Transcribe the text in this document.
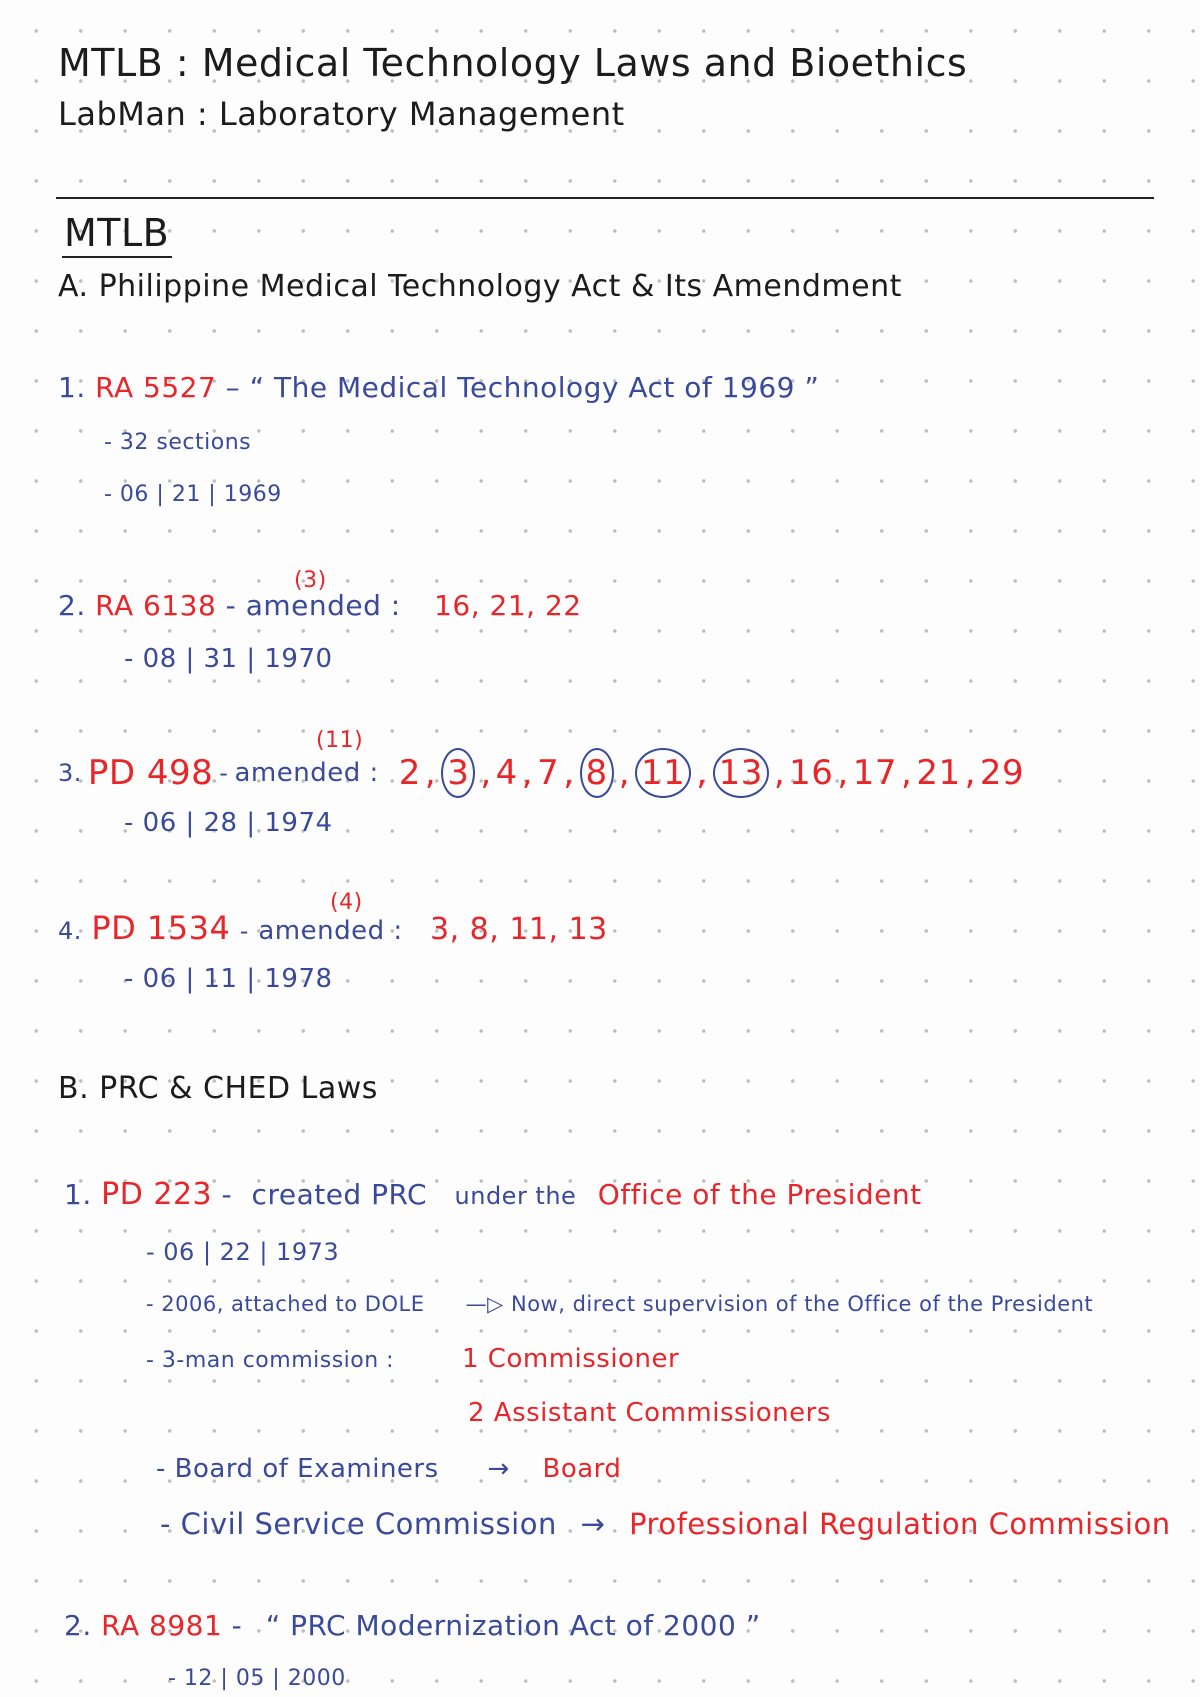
MTLB : Medical Technology Laws and Bioethics
LabMan : Laboratory Management
MTLB
A. Philippine Medical Technology Act & Its Amendment
1. RA 5527 – “ The Medical Technology Act of 1969 ”
- 32 sections
- 06 | 21 | 1969
(3)
2. RA 6138 - amended : 16, 21, 22
- 08 | 31 | 1970
(11)
3. PD 498 - amended : 2 , 3 , 4 , 7 , 8 , 11 , 13 , 16 , 17 , 21 , 29
- 06 | 28 | 1974
(4)
4. PD 1534 - amended : 3, 8, 11, 13
- 06 | 11 | 1978
B. PRC & CHED Laws
1. PD 223 - created PRC under the Office of the President
- 06 | 22 | 1973
- 2006, attached to DOLE —▷ Now, direct supervision of the Office of the President
- 3-man commission :	1 Commissioner
2 Assistant Commissioners
- Board of Examiners → Board
- Civil Service Commission → Professional Regulation Commission
2. RA 8981 - “ PRC Modernization Act of 2000 ”
- 12 | 05 | 2000
